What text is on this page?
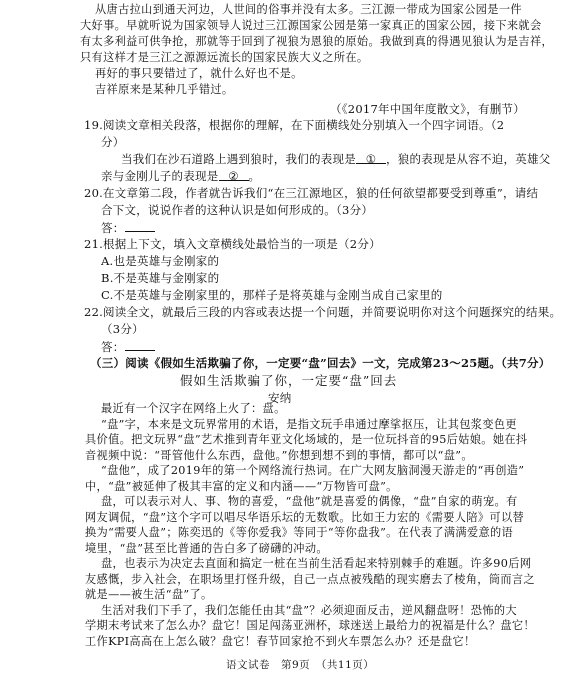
从唐古拉山到通天河边，人世间的俗事并没有太多。三江源一带成为国家公园是一件
大好事。早就听说为国家领导人说过三江源国家公园是第一家真正的国家公园，接下来就会
有太多利益可供争抢，那就等于回到了视狼为恩狼的原始。我做到真的得遇见狼认为是吉祥，
只有这样才是三江之源源远流长的国家民族大义之所在。
再好的事只要错过了，就什么好也不是。
吉祥原来是某种几乎错过。
（《2017年中国年度散文》，有删节）
19.阅读文章相关段落，根据你的理解，在下面横线处分别填入一个四字词语。（2
分）
当我们在沙石道路上遇到狼时，我们的表现是 ① ，狼的表现是从容不迫，英雄父
亲与金刚儿子的表现是 ② 。
20.在文章第二段，作者就告诉我们“在三江源地区，狼的任何欲望都要受到尊重”，请结
合下文，说说作者的这种认识是如何形成的。（3分）
答：
21.根据上下文，填入文章横线处最恰当的一项是（2分）
A.也是英雄与金刚家的
B.不是英雄与金刚家的
C.不是英雄与金刚家里的，那样子是将英雄与金刚当成自己家里的
22.阅读全文，就最后三段的内容或表达提一个问题，并简要说明你对这个问题探究的结果。
（3分）
答：
（三）阅读《假如生活欺骗了你，一定要“盘”回去》一文，完成第23～25题。（共7分）
假如生活欺骗了你，一定要“盘”回去
安纳
最近有一个汉字在网络上火了：盘。
“盘”字，本来是文玩界常用的术语，是指文玩手串通过摩挲抠压，让其包浆变色更
具价值。把文玩界“盘”艺术推到青年亚文化场域的，是一位玩抖音的95后姑娘。她在抖
音视频中说：“哥管他什么东西，盘他。”你想到想不到的事情，都可以“盘”。
“盘他”，成了2019年的第一个网络流行热词。在广大网友脑洞漫天游走的“再创造”
中，“盘”被延伸了极其丰富的定义和内涵——“万物皆可盘”。
盘，可以表示对人、事、物的喜爱，“盘他”就是喜爱的偶像，“盘”自家的萌宠。有
网友调侃，“盘”这个字可以唱尽华语乐坛的无数歌。比如王力宏的《需要人陪》可以替
换为“需要人盘”；陈奕迅的《等你爱我》等同于“等你盘我”。在代表了满满爱意的语
境里，“盘”甚至比普通的告白多了磅礴的冲动。
盘，也表示为决定去直面和搞定一桩在当前生活看起来特别棘手的难题。许多90后网
友感慨，步入社会，在职场里打怪升级，自己一点点被残酷的现实磨去了棱角，筒而言之
就是——被生活“盘”了。
生活对我们下手了，我们怎能任由其“盘”？必须迎面反击，逆风翻盘呀！恐怖的大
学期末考试来了怎么办？盘它！国足闯荡亚洲杯，球迷送上最给力的祝福是什么？盘它！
工作KPI高高在上怎么破？盘它！春节回家抢不到火车票怎么办？还是盘它！
语文试卷　第9页　（共11页）
